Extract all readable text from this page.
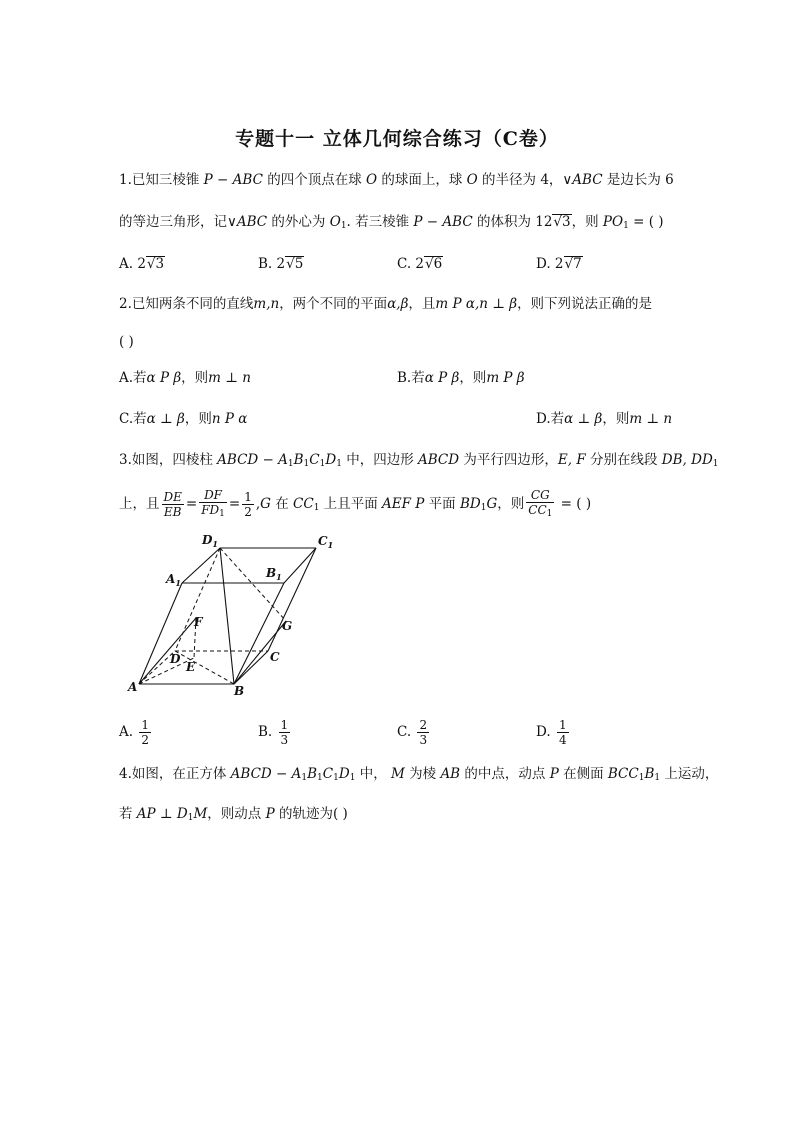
专题十一 立体几何综合练习（C卷）
1.已知三棱锥 P − ABC 的四个顶点在球 O 的球面上，球 O 的半径为 4，∨ABC 是边长为 6
的等边三角形，记∨ABC 的外心为 $O_1$. 若三棱锥 P − ABC 的体积为 12√3，则 $PO_1$ = ( )
A. 2√3	B. 2√5	C. 2√6	D. 2√7
2.已知两条不同的直线m,n，两个不同的平面α,β，且m P α,n ⊥ β，则下列说法正确的是
( )
A.若α P β，则m ⊥ n	B.若α P β，则m P β
C.若α ⊥ β，则n P α	D.若α ⊥ β，则m ⊥ n
3.如图，四棱柱 ABCD − $A_1B_1C_1D_1$ 中，四边形 ABCD 为平行四边形，E, F 分别在线段 DB, $DD_1$
上，且 $\frac{DE}{EB} = \frac{DF}{FD_1} = \frac{1}{2} ,G$ 在 $CC_1$ 上且平面 AEF P 平面 $BD_1G$，则 $\frac{CG}{CC_1}$ = ( )
$D_1$	$C_1$
$A_1$
$B_1$
F	G
D	C
E
A	B
A. $\frac{1}{2}$	B. $\frac{1}{3}$	C. $\frac{2}{3}$	D. $\frac{1}{4}$
4.如图，在正方体 ABCD − $A_1B_1C_1D_1$ 中， M 为棱 AB 的中点，动点 P 在侧面 $BCC_1B_1$ 上运动，
若 AP ⊥ $D_1M$，则动点 P 的轨迹为( )
